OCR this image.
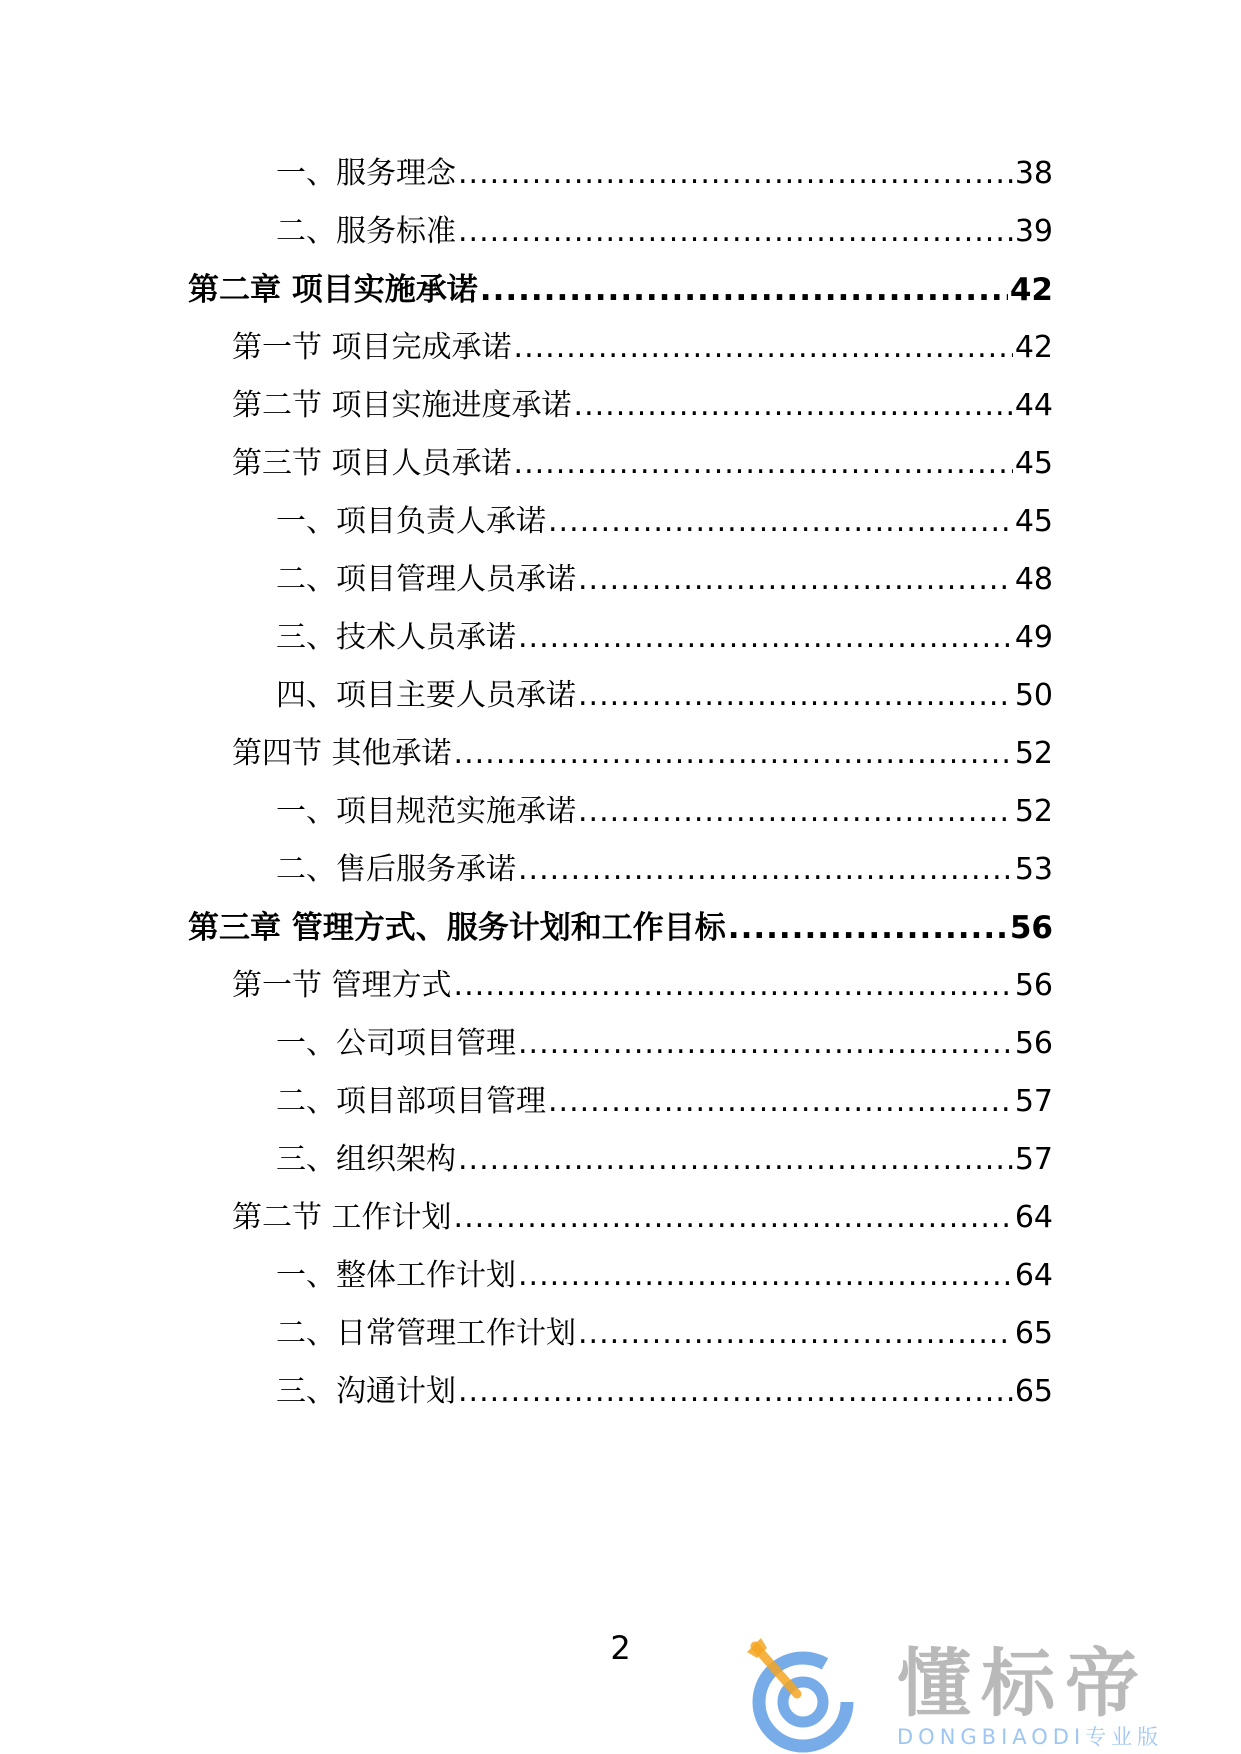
一、服务理念 .....	38
二、服务标准 .....	39
第二章 项目实施承诺 .....	42
第一节 项目完成承诺 .....	42
第二节 项目实施进度承诺 .....	44
第三节 项目人员承诺 .....	45
一、项目负责人承诺 .....	45
二、项目管理人员承诺 .....	48
三、技术人员承诺 .....	49
四、项目主要人员承诺 .....	50
第四节 其他承诺 .....	52
一、项目规范实施承诺 .....	52
二、售后服务承诺 .....	53
第三章 管理方式、服务计划和工作目标 .....	56
第一节 管理方式 .....	56
一、公司项目管理 .....	56
二、项目部项目管理 .....	57
三、组织架构 .....	57
第二节 工作计划 .....	64
一、整体工作计划 .....	64
二、日常管理工作计划 .....	65
三、沟通计划 .....	65
2	懂标帝
DONGBIAODI专业版
